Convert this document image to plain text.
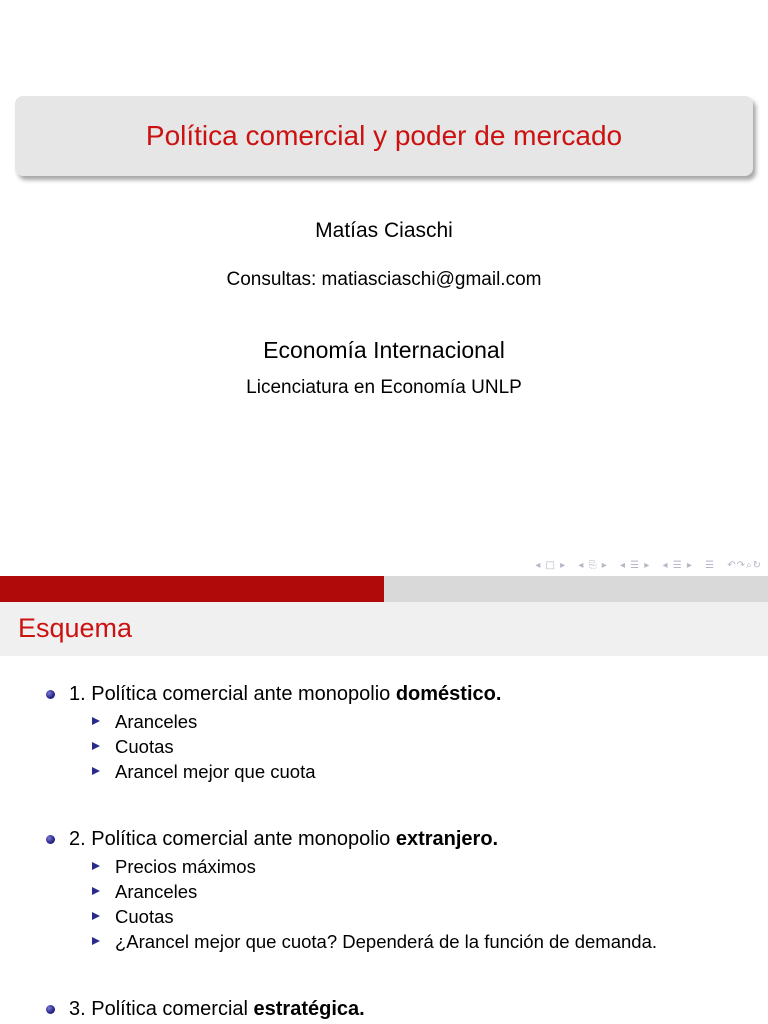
Política comercial y poder de mercado
Matías Ciaschi
Consultas: matiasciaschi@gmail.com
Economía Internacional
Licenciatura en Economía UNLP
◂ □ ▸ ◂ ⎘ ▸ ◂ ☰ ▸ ◂ ☰ ▸ ☰ ↶↷⌕↻
Esquema
1. Política comercial ante monopolio doméstico.
Aranceles
Cuotas
Arancel mejor que cuota
2. Política comercial ante monopolio extranjero.
Precios máximos
Aranceles
Cuotas
¿Arancel mejor que cuota? Dependerá de la función de demanda.
3. Política comercial estratégica.
